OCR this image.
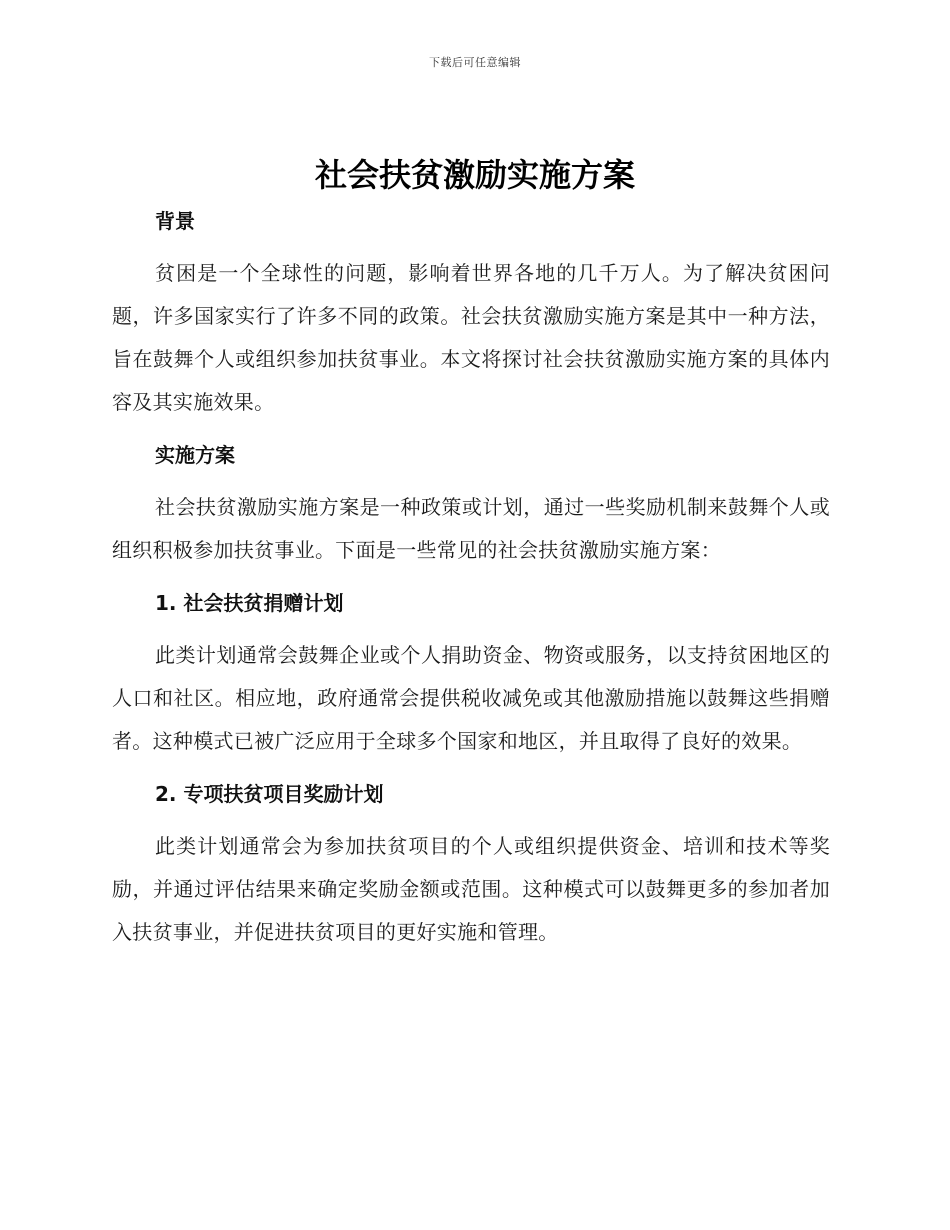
下载后可任意编辑
社会扶贫激励实施方案
背景

贫困是一个全球性的问题，影响着世界各地的几千万人。为了解决贫困问题，许多国家实行了许多不同的政策。社会扶贫激励实施方案是其中一种方法，旨在鼓舞个人或组织参加扶贫事业。本文将探讨社会扶贫激励实施方案的具体内容及其实施效果。

实施方案

社会扶贫激励实施方案是一种政策或计划，通过一些奖励机制来鼓舞个人或组织积极参加扶贫事业。下面是一些常见的社会扶贫激励实施方案：

1. 社会扶贫捐赠计划

此类计划通常会鼓舞企业或个人捐助资金、物资或服务，以支持贫困地区的人口和社区。相应地，政府通常会提供税收减免或其他激励措施以鼓舞这些捐赠者。这种模式已被广泛应用于全球多个国家和地区，并且取得了良好的效果。

2. 专项扶贫项目奖励计划

此类计划通常会为参加扶贫项目的个人或组织提供资金、培训和技术等奖励，并通过评估结果来确定奖励金额或范围。这种模式可以鼓舞更多的参加者加入扶贫事业，并促进扶贫项目的更好实施和管理。
